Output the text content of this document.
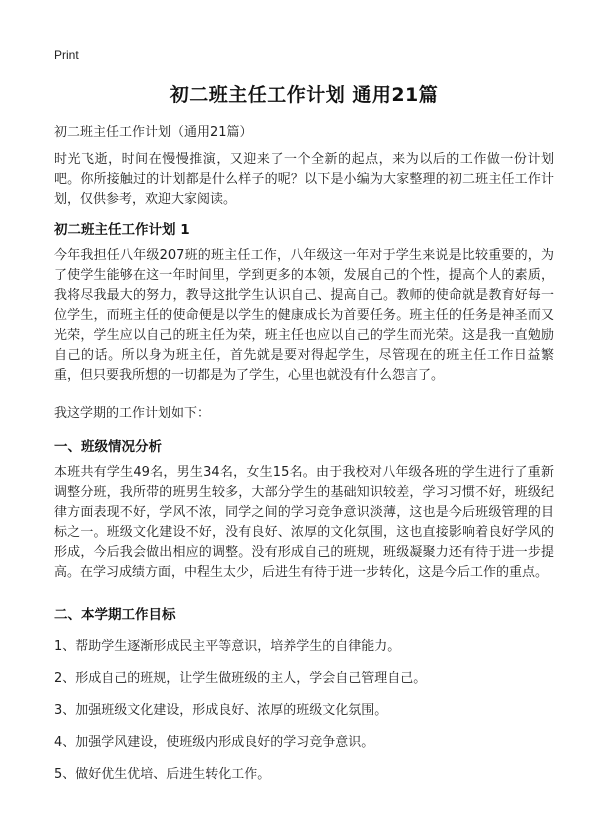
Print
初二班主任工作计划 通用21篇

初二班主任工作计划（通用21篇）

时光飞逝，时间在慢慢推演，又迎来了一个全新的起点，来为以后的工作做一份计划吧。你所接触过的计划都是什么样子的呢？以下是小编为大家整理的初二班主任工作计划，仅供参考，欢迎大家阅读。

初二班主任工作计划 1

今年我担任八年级207班的班主任工作，八年级这一年对于学生来说是比较重要的，为了使学生能够在这一年时间里，学到更多的本领，发展自己的个性，提高个人的素质，我将尽我最大的努力，教导这批学生认识自己、提高自己。教师的使命就是教育好每一位学生，而班主任的使命便是以学生的健康成长为首要任务。班主任的任务是神圣而又光荣，学生应以自己的班主任为荣，班主任也应以自己的学生而光荣。这是我一直勉励自己的话。所以身为班主任，首先就是要对得起学生，尽管现在的班主任工作日益繁重，但只要我所想的一切都是为了学生，心里也就没有什么怨言了。

我这学期的工作计划如下：

一、班级情况分析

本班共有学生49名，男生34名，女生15名。由于我校对八年级各班的学生进行了重新调整分班，我所带的班男生较多，大部分学生的基础知识较差，学习习惯不好，班级纪律方面表现不好，学风不浓，同学之间的学习竞争意识淡薄，这也是今后班级管理的目标之一。班级文化建设不好，没有良好、浓厚的文化氛围，这也直接影响着良好学风的形成，今后我会做出相应的调整。没有形成自己的班规，班级凝聚力还有待于进一步提高。在学习成绩方面，中程生太少，后进生有待于进一步转化，这是今后工作的重点。

二、本学期工作目标

1、帮助学生逐渐形成民主平等意识，培养学生的自律能力。

2、形成自己的班规，让学生做班级的主人，学会自己管理自己。

3、加强班级文化建设，形成良好、浓厚的班级文化氛围。

4、加强学风建设，使班级内形成良好的学习竞争意识。

5、做好优生优培、后进生转化工作。
